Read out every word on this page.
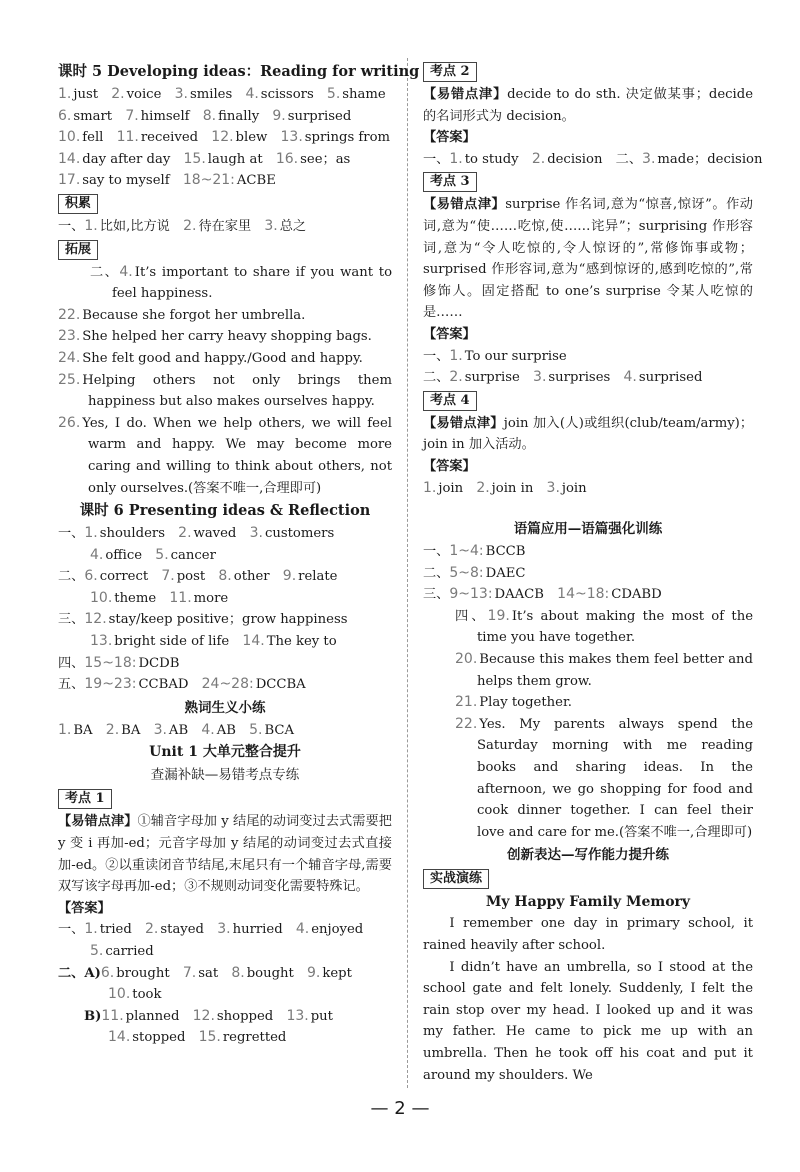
课时 5 Developing ideas：Reading for writing
1. just 2. voice 3. smiles 4. scissors 5. shame
6. smart 7. himself 8. finally 9. surprised
10. fell 11. received 12. blew 13. springs from
14. day after day 15. laugh at 16. see；as
17. say to myself 18~21: ACBE
积累
一、1. 比如,比方说 2. 待在家里 3. 总之
拓展
二、4. It’s important to share if you want to feel happiness.
22. Because she forgot her umbrella.
23. She helped her carry heavy shopping bags.
24. She felt good and happy./Good and happy.
25. Helping others not only brings them happiness but also makes ourselves happy.
26. Yes, I do. When we help others, we will feel warm and happy. We may become more caring and willing to think about others, not only ourselves.(答案不唯一,合理即可)
课时 6 Presenting ideas & Reflection
一、1. shoulders 2. waved 3. customers
4. office 5. cancer
二、6. correct 7. post 8. other 9. relate
10. theme 11. more
三、12. stay/keep positive；grow happiness
13. bright side of life 14. The key to
四、15~18: DCDB
五、19~23: CCBAD 24~28: DCCBA
熟词生义小练
1. BA 2. BA 3. AB 4. AB 5. BCA
Unit 1 大单元整合提升
查漏补缺—易错考点专练
考点 1
【易错点津】①辅音字母加 y 结尾的动词变过去式需要把 y 变 i 再加-ed；元音字母加 y 结尾的动词变过去式直接加-ed。②以重读闭音节结尾,末尾只有一个辅音字母,需要双写该字母再加-ed；③不规则动词变化需要特殊记。
【答案】
一、1. tried 2. stayed 3. hurried 4. enjoyed
5. carried
二、A)6. brought 7. sat 8. bought 9. kept
10. took
B)11. planned 12. shopped 13. put
14. stopped 15. regretted
考点 2
【易错点津】decide to do sth. 决定做某事；decide 的名词形式为 decision。
【答案】
一、1. to study 2. decision 二、3. made；decision
考点 3
【易错点津】surprise 作名词,意为“惊喜,惊讶”。作动词,意为“使……吃惊,使……诧异”；surprising 作形容词,意为“令人吃惊的,令人惊讶的”,常修饰事或物；surprised 作形容词,意为“感到惊讶的,感到吃惊的”,常修饰人。固定搭配 to one’s surprise 令某人吃惊的是……
【答案】
一、1. To our surprise
二、2. surprise 3. surprises 4. surprised
考点 4
【易错点津】join 加入(人)或组织(club/team/army)；join in 加入活动。
【答案】
1. join 2. join in 3. join
语篇应用—语篇强化训练
一、1~4: BCCB
二、5~8: DAEC
三、9~13: DAACB 14~18: CDABD
四、19. It’s about making the most of the time you have together.
20. Because this makes them feel better and helps them grow.
21. Play together.
22. Yes. My parents always spend the Saturday morning with me reading books and sharing ideas. In the afternoon, we go shopping for food and cook dinner together. I can feel their love and care for me.(答案不唯一,合理即可)
创新表达—写作能力提升练
实战演练
My Happy Family Memory
I remember one day in primary school, it rained heavily after school.
I didn’t have an umbrella, so I stood at the school gate and felt lonely. Suddenly, I felt the rain stop over my head. I looked up and it was my father. He came to pick me up with an umbrella. Then he took off his coat and put it around my shoulders. We
— 2 —
